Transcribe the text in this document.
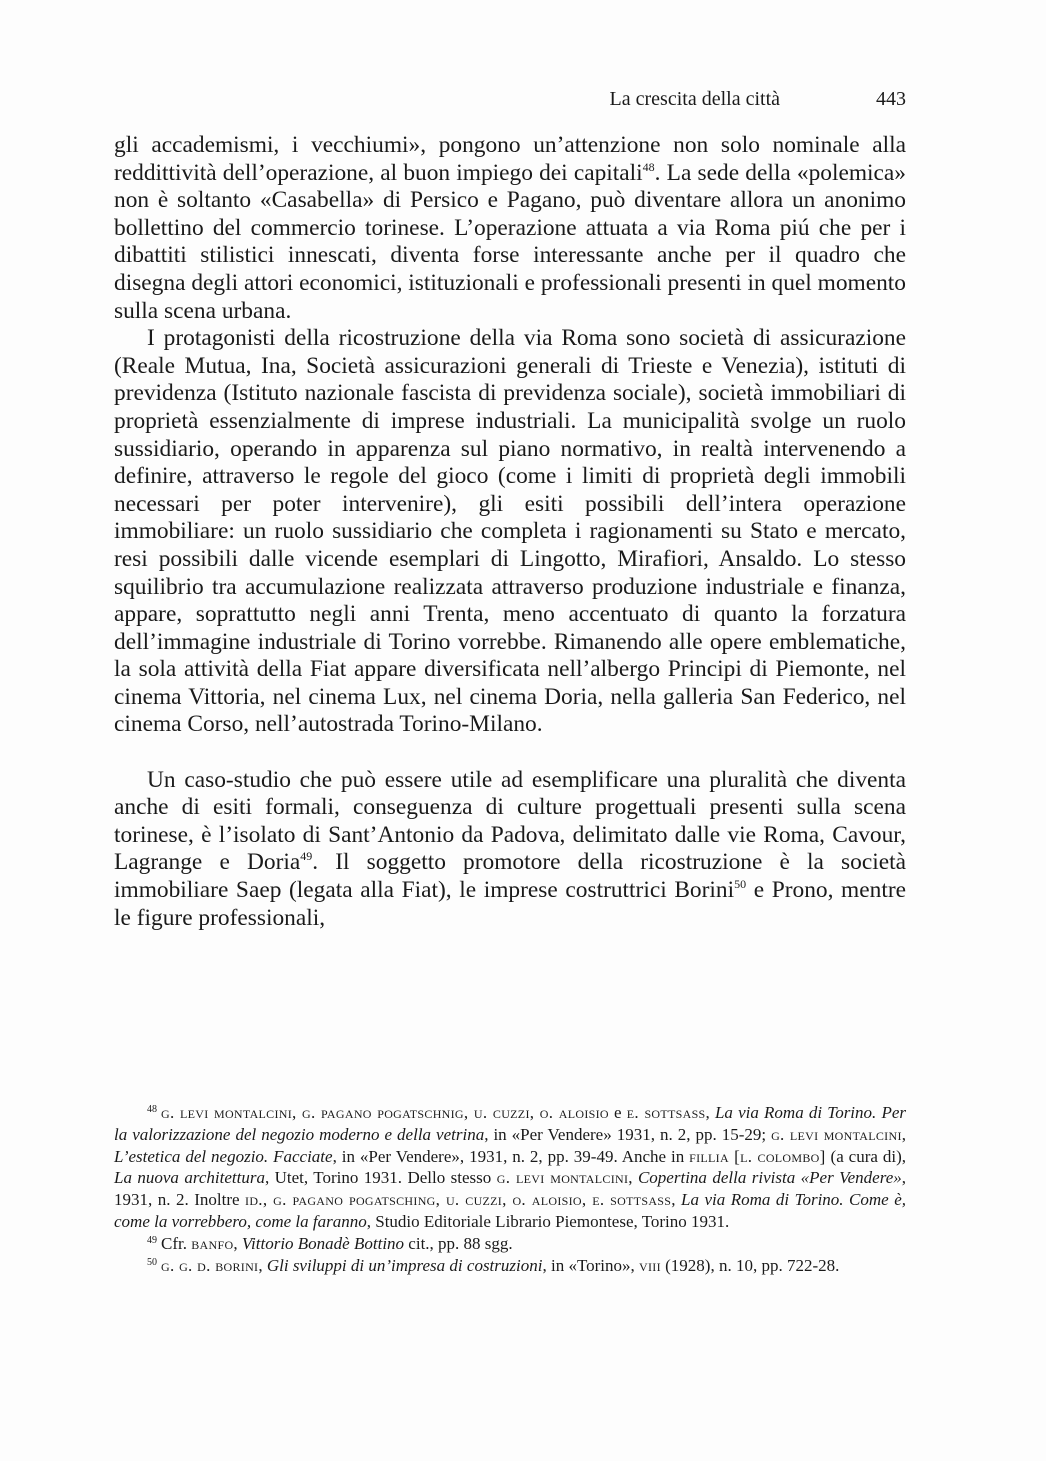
La crescita della città	443

gli accademismi, i vecchiumi», pongono un’attenzione non solo nominale alla reddittività dell’operazione, al buon impiego dei capitali$^{48}$. La sede della «polemica» non è soltanto «Casabella» di Persico e Pagano, può diventare allora un anonimo bollettino del commercio torinese. L’operazione attuata a via Roma piú che per i dibattiti stilistici innescati, diventa forse interessante anche per il quadro che disegna degli attori economici, istituzionali e professionali presenti in quel momento sulla scena urbana.

I protagonisti della ricostruzione della via Roma sono società di assicurazione (Reale Mutua, Ina, Società assicurazioni generali di Trieste e Venezia), istituti di previdenza (Istituto nazionale fascista di previdenza sociale), società immobiliari di proprietà essenzialmente di imprese industriali. La municipalità svolge un ruolo sussidiario, operando in apparenza sul piano normativo, in realtà intervenendo a definire, attraverso le regole del gioco (come i limiti di proprietà degli immobili necessari per poter intervenire), gli esiti possibili dell’intera operazione immobiliare: un ruolo sussidiario che completa i ragionamenti su Stato e mercato, resi possibili dalle vicende esemplari di Lingotto, Mirafiori, Ansaldo. Lo stesso squilibrio tra accumulazione realizzata attraverso produzione industriale e finanza, appare, soprattutto negli anni Trenta, meno accentuato di quanto la forzatura dell’immagine industriale di Torino vorrebbe. Rimanendo alle opere emblematiche, la sola attività della Fiat appare diversificata nell’albergo Principi di Piemonte, nel cinema Vittoria, nel cinema Lux, nel cinema Doria, nella galleria San Federico, nel cinema Corso, nell’autostrada Torino-Milano.

Un caso-studio che può essere utile ad esemplificare una pluralità che diventa anche di esiti formali, conseguenza di culture progettuali presenti sulla scena torinese, è l’isolato di Sant’Antonio da Padova, delimitato dalle vie Roma, Cavour, Lagrange e Doria$^{49}$. Il soggetto promotore della ricostruzione è la società immobiliare Saep (legata alla Fiat), le imprese costruttrici Borini$^{50}$ e Prono, mentre le figure professionali,

$^{48}$ g. levi montalcini, g. pagano pogatschnig, u. cuzzi, o. aloisio e e. sottsass, La via Roma di Torino. Per la valorizzazione del negozio moderno e della vetrina, in «Per Vendere» 1931, n. 2, pp. 15-29; g. levi montalcini, L’estetica del negozio. Facciate, in «Per Vendere», 1931, n. 2, pp. 39-49. Anche in fillia [l. colombo] (a cura di), La nuova architettura, Utet, Torino 1931. Dello stesso g. levi montalcini, Copertina della rivista «Per Vendere», 1931, n. 2. Inoltre id., g. pagano pogatsching, u. cuzzi, o. aloisio, e. sottsass, La via Roma di Torino. Come è, come la vorrebbero, come la faranno, Studio Editoriale Librario Piemontese, Torino 1931.

$^{49}$ Cfr. banfo, Vittorio Bonadè Bottino cit., pp. 88 sgg.

$^{50}$ g. g. d. borini, Gli sviluppi di un’impresa di costruzioni, in «Torino», viii (1928), n. 10, pp. 722-28.
